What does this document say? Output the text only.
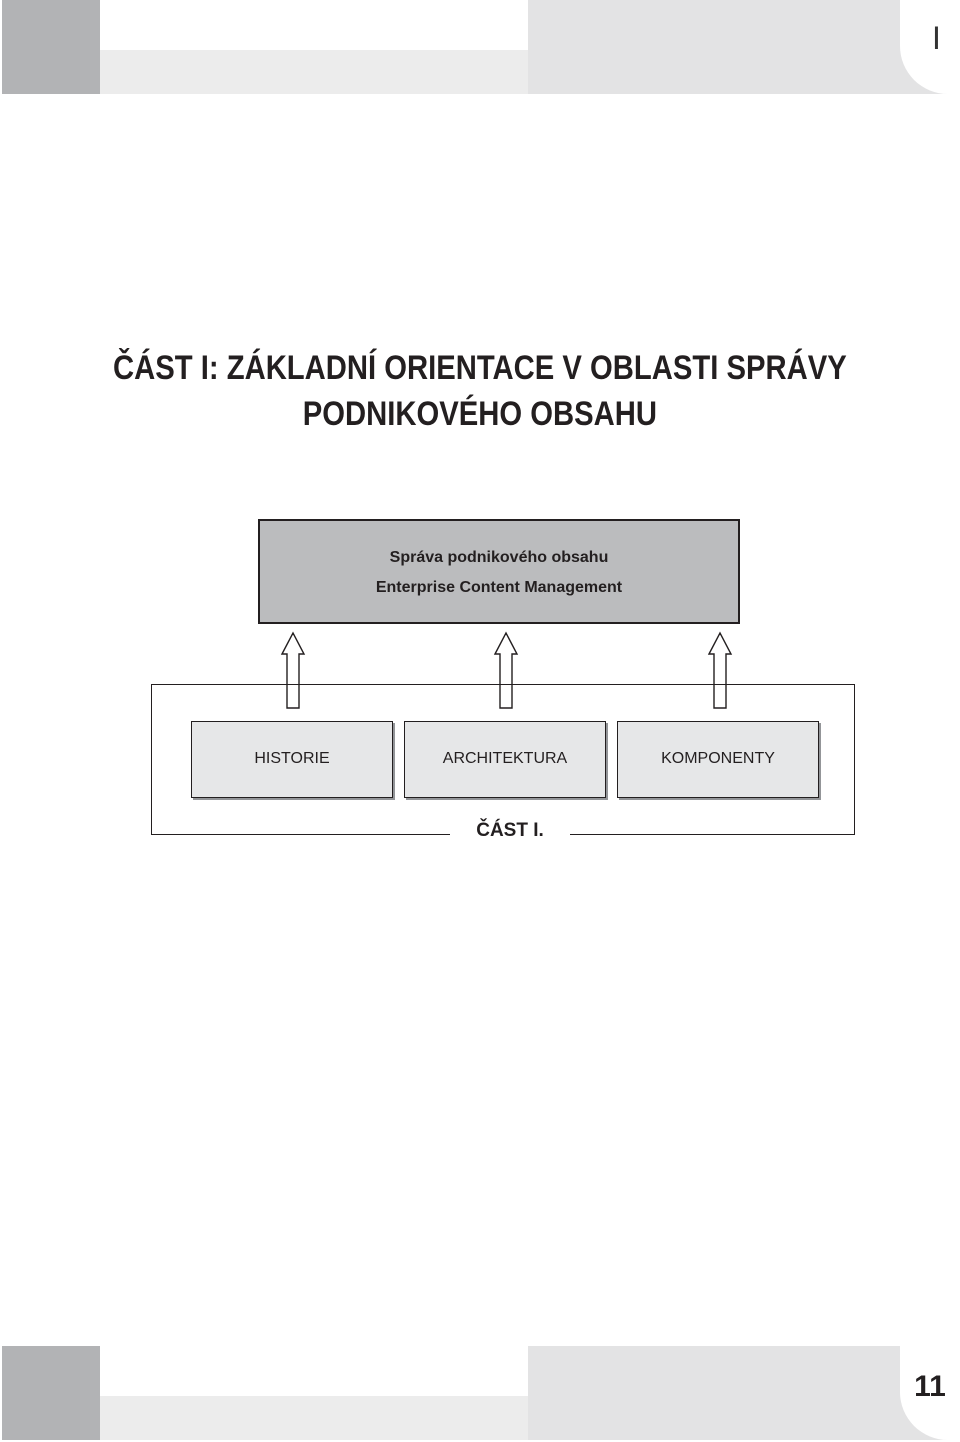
I
ČÁST I: ZÁKLADNÍ ORIENTACE V OBLASTI SPRÁVY
PODNIKOVÉHO OBSAHU
Správa podnikového obsahu
Enterprise Content Management
ČÁST I.
HISTORIE	ARCHITEKTURA	KOMPONENTY
11
